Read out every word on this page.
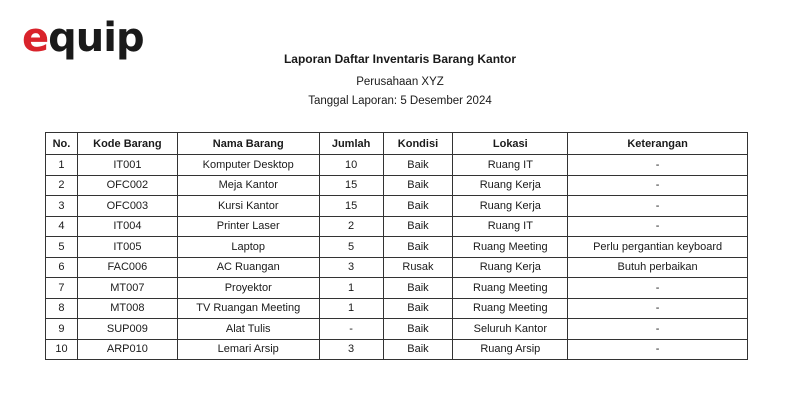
equip	Laporan Daftar Inventaris Barang Kantor
Perusahaan XYZ
Tanggal Laporan: 5 Desember 2024
No.	Kode Barang	Nama Barang	Jumlah	Kondisi	Lokasi	Keterangan
1	IT001	Komputer Desktop	10	Baik	Ruang IT	-
2	OFC002	Meja Kantor	15	Baik	Ruang Kerja	-
3	OFC003	Kursi Kantor	15	Baik	Ruang Kerja	-
4	IT004	Printer Laser	2	Baik	Ruang IT	-
5	IT005	Laptop	5	Baik	Ruang Meeting	Perlu pergantian keyboard
6	FAC006	AC Ruangan	3	Rusak	Ruang Kerja	Butuh perbaikan
7	MT007	Proyektor	1	Baik	Ruang Meeting	-
8	MT008	TV Ruangan Meeting	1	Baik	Ruang Meeting	-
9	SUP009	Alat Tulis	-	Baik	Seluruh Kantor	-
10	ARP010	Lemari Arsip	3	Baik	Ruang Arsip	-
